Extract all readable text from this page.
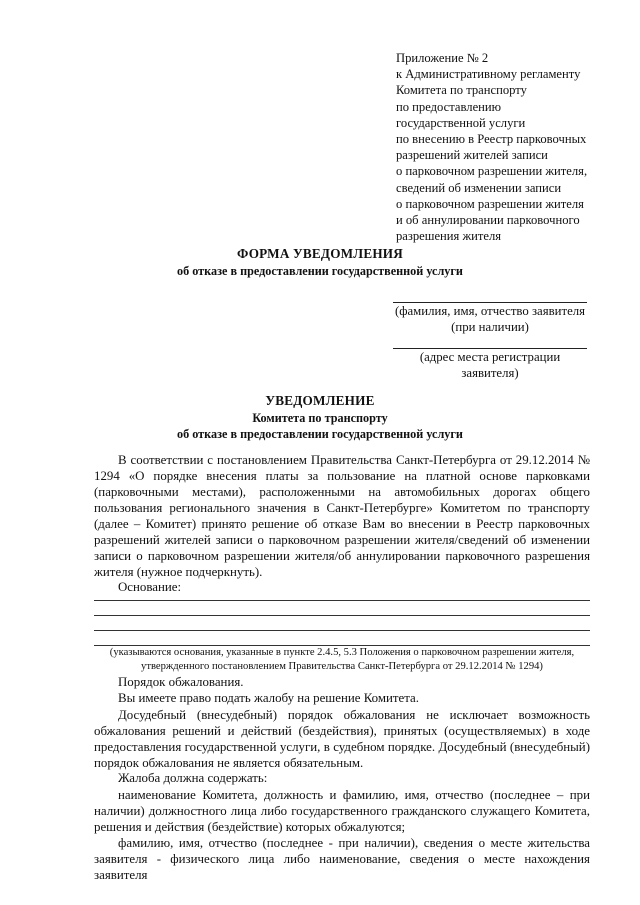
Приложение № 2
к Административному регламенту
Комитета по транспорту
по предоставлению
государственной услуги
по внесению в Реестр парковочных
разрешений жителей записи
о парковочном разрешении жителя,
сведений об изменении записи
о парковочном разрешении жителя
и об аннулировании парковочного
разрешения жителя
ФОРМА УВЕДОМЛЕНИЯ
об отказе в предоставлении государственной услуги
(фамилия, имя, отчество заявителя
(при наличии)
(адрес места регистрации
заявителя)
УВЕДОМЛЕНИЕ
Комитета по транспорту
об отказе в предоставлении государственной услуги
В соответствии с постановлением Правительства Санкт-Петербурга от 29.12.2014 № 1294 «О порядке внесения платы за пользование на платной основе парковками (парковочными местами), расположенными на автомобильных дорогах общего пользования регионального значения в Санкт-Петербурге» Комитетом по транспорту (далее – Комитет) принято решение об отказе Вам во внесении в Реестр парковочных разрешений жителей записи о парковочном разрешении жителя/сведений об изменении записи о парковочном разрешении жителя/об аннулировании парковочного разрешения жителя (нужное подчеркнуть).
Основание:
(указываются основания, указанные в пункте 2.4.5, 5.3 Положения о парковочном разрешении жителя, утвержденного постановлением Правительства Санкт-Петербурга от 29.12.2014 № 1294)
Порядок обжалования.
Вы имеете право подать жалобу на решение Комитета.
Досудебный (внесудебный) порядок обжалования не исключает возможность обжалования решений и действий (бездействия), принятых (осуществляемых) в ходе предоставления государственной услуги, в судебном порядке. Досудебный (внесудебный) порядок обжалования не является обязательным.
Жалоба должна содержать:
наименование Комитета, должность и фамилию, имя, отчество (последнее – при наличии) должностного лица либо государственного гражданского служащего Комитета, решения и действия (бездействие) которых обжалуются;
фамилию, имя, отчество (последнее - при наличии), сведения о месте жительства заявителя - физического лица либо наименование, сведения о месте нахождения заявителя
